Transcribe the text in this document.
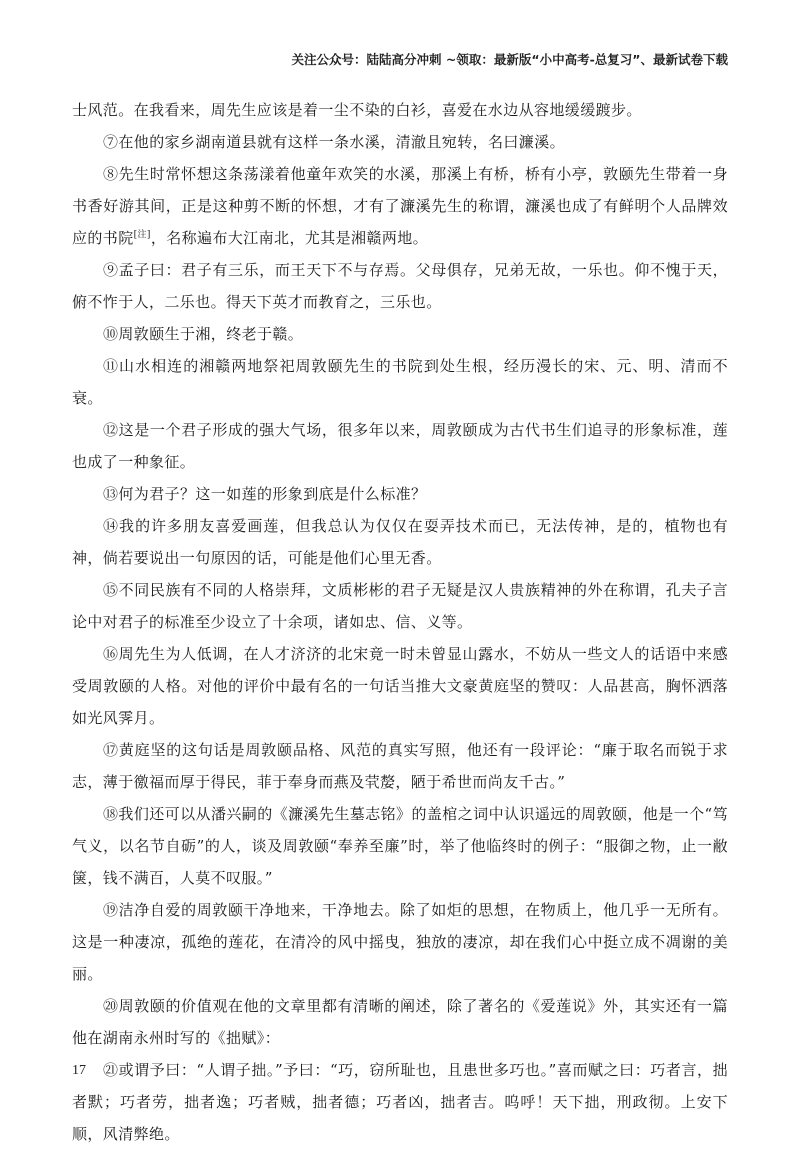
关注公众号：陆陆高分冲刺 ~领取：最新版“小中高考-总复习”、最新试卷下载

士风范。在我看来，周先生应该是着一尘不染的白衫，喜爱在水边从容地缓缓踱步。

⑦在他的家乡湖南道县就有这样一条水溪，清澈且宛转，名曰濂溪。

⑧先生时常怀想这条荡漾着他童年欢笑的水溪，那溪上有桥，桥有小亭，敦颐先生带着一身书香好游其间，正是这种剪不断的怀想，才有了濂溪先生的称谓，濂溪也成了有鲜明个人品牌效应的书院[注]，名称遍布大江南北，尤其是湘赣两地。

⑨孟子曰：君子有三乐，而王天下不与存焉。父母俱存，兄弟无故，一乐也。仰不愧于天，俯不怍于人，二乐也。得天下英才而教育之，三乐也。

⑩周敦颐生于湘，终老于赣。

⑪山水相连的湘赣两地祭祀周敦颐先生的书院到处生根，经历漫长的宋、元、明、清而不衰。

⑫这是一个君子形成的强大气场，很多年以来，周敦颐成为古代书生们追寻的形象标准，莲也成了一种象征。

⑬何为君子？这一如莲的形象到底是什么标准？

⑭我的许多朋友喜爱画莲，但我总认为仅仅在耍弄技术而已，无法传神，是的，植物也有神，倘若要说出一句原因的话，可能是他们心里无香。

⑮不同民族有不同的人格崇拜，文质彬彬的君子无疑是汉人贵族精神的外在称谓，孔夫子言论中对君子的标准至少设立了十余项，诸如忠、信、义等。

⑯周先生为人低调，在人才济济的北宋竟一时未曾显山露水，不妨从一些文人的话语中来感受周敦颐的人格。对他的评价中最有名的一句话当推大文豪黄庭坚的赞叹：人品甚高，胸怀洒落如光风霁月。

⑰黄庭坚的这句话是周敦颐品格、风范的真实写照，他还有一段评论：“廉于取名而锐于求志，薄于徼福而厚于得民，菲于奉身而燕及茕嫠，陋于希世而尚友千古。”

⑱我们还可以从潘兴嗣的《濂溪先生墓志铭》的盖棺之词中认识遥远的周敦颐，他是一个“笃气义，以名节自砺”的人，谈及周敦颐“奉养至廉”时，举了他临终时的例子：“服御之物，止一敝箧，钱不满百，人莫不叹服。”

⑲洁净自爱的周敦颐干净地来，干净地去。除了如炬的思想，在物质上，他几乎一无所有。这是一种凄凉，孤绝的莲花，在清冷的风中摇曳，独放的凄凉，却在我们心中挺立成不凋谢的美丽。

⑳周敦颐的价值观在他的文章里都有清晰的阐述，除了著名的《爱莲说》外，其实还有一篇他在湖南永州时写的《拙赋》：

㉑或谓予曰：“人谓子拙。”予曰：“巧，窃所耻也，且患世多巧也。”喜而赋之曰：巧者言，拙者默；巧者劳，拙者逸；巧者贼，拙者德；巧者凶，拙者吉。呜呼！天下拙，刑政彻。上安下顺，风清弊绝。

17
